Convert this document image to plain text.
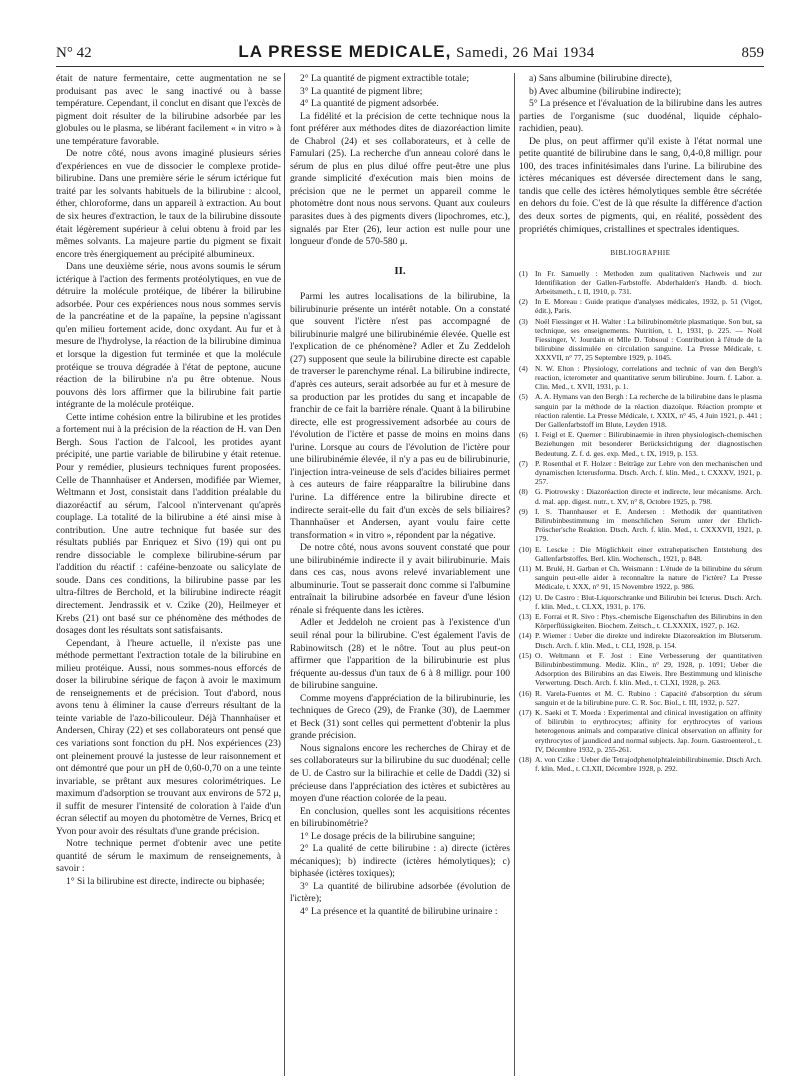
N° 42	LA PRESSE MEDICALE, Samedi, 26 Mai 1934	859

était de nature fermentaire, cette augmentation ne se produisant pas avec le sang inactivé ou à basse température. Cependant, il conclut en disant que l'excès de pigment doit résulter de la bilirubine adsorbée par les globules ou le plasma, se libérant facilement « in vitro » à une température favorable.

De notre côté, nous avons imaginé plusieurs séries d'expériences en vue de dissocier le complexe protide-bilirubine. Dans une première série le sérum ictérique fut traité par les solvants habituels de la bilirubine : alcool, éther, chloroforme, dans un appareil à extraction. Au bout de six heures d'extraction, le taux de la bilirubine dissoute était légèrement supérieur à celui obtenu à froid par les mêmes solvants. La majeure partie du pigment se fixait encore très énergiquement au précipité albumineux.

Dans une deuxième série, nous avons soumis le sérum ictérique à l'action des ferments protéolytiques, en vue de détruire la molécule protéique, de libérer la bilirubine adsorbée. Pour ces expériences nous nous sommes servis de la pancréatine et de la papaïne, la pepsine n'agissant qu'en milieu fortement acide, donc oxydant. Au fur et à mesure de l'hydrolyse, la réaction de la bilirubine diminua et lorsque la digestion fut terminée et que la molécule protéique se trouva dégradée à l'état de peptone, aucune réaction de la bilirubine n'a pu être obtenue. Nous pouvons dès lors affirmer que la bilirubine fait partie intégrante de la molécule protéique.

Cette intime cohésion entre la bilirubine et les protides a fortement nui à la précision de la réaction de H. van Den Bergh. Sous l'action de l'alcool, les protides ayant précipité, une partie variable de bilirubine y était retenue. Pour y remédier, plusieurs techniques furent proposées. Celle de Thannhaüser et Andersen, modifiée par Wiemer, Weltmann et Jost, consistait dans l'addition préalable du diazoréactif au sérum, l'alcool n'intervenant qu'après couplage. La totalité de la bilirubine a été ainsi mise à contribution. Une autre technique fut basée sur des résultats publiés par Enriquez et Sivo (19) qui ont pu rendre dissociable le complexe bilirubine-sérum par l'addition du réactif : caféine-benzoate ou salicylate de soude. Dans ces conditions, la bilirubine passe par les ultra-filtres de Berchold, et la bilirubine indirecte réagit directement. Jendrassik et v. Czike (20), Heilmeyer et Krebs (21) ont basé sur ce phénomène des méthodes de dosages dont les résultats sont satisfaisants.

Cependant, à l'heure actuelle, il n'existe pas une méthode permettant l'extraction totale de la bilirubine en milieu protéique. Aussi, nous sommes-nous efforcés de doser la bilirubine sérique de façon à avoir le maximum de renseignements et de précision. Tout d'abord, nous avons tenu à éliminer la cause d'erreurs résultant de la teinte variable de l'azo-bilicouleur. Déjà Thannhaüser et Andersen, Chiray (22) et ses collaborateurs ont pensé que ces variations sont fonction du pH. Nos expériences (23) ont pleinement prouvé la justesse de leur raisonnement et ont démontré que pour un pH de 0,60-0,70 on a une teinte invariable, se prêtant aux mesures colorimétriques. Le maximum d'adsorption se trouvant aux environs de 572 μ, il suffit de mesurer l'intensité de coloration à l'aide d'un écran sélectif au moyen du photomètre de Vernes, Bricq et Yvon pour avoir des résultats d'une grande précision.

Notre technique permet d'obtenir avec une petite quantité de sérum le maximum de renseignements, à savoir :

1° Si la bilirubine est directe, indirecte ou biphasée;

2° La quantité de pigment extractible totale;

3° La quantité de pigment libre;

4° La quantité de pigment adsorbée.

La fidélité et la précision de cette technique nous la font préférer aux méthodes dites de diazoréaction limite de Chabrol (24) et ses collaborateurs, et à celle de Famulari (25). La recherche d'un anneau coloré dans le sérum de plus en plus dilué offre peut-être une plus grande simplicité d'exécution mais bien moins de précision que ne le permet un appareil comme le photomètre dont nous nous servons. Quant aux couleurs parasites dues à des pigments divers (lipochromes, etc.), signalés par Eter (26), leur action est nulle pour une longueur d'onde de 570-580 μ.

II.

Parmi les autres localisations de la bilirubine, la bilirubinurie présente un intérêt notable. On a constaté que souvent l'ictère n'est pas accompagné de bilirubinurie malgré une bilirubinémie élevée. Quelle est l'explication de ce phénomène? Adler et Zu Zeddeloh (27) supposent que seule la bilirubine directe est capable de traverser le parenchyme rénal. La bilirubine indirecte, d'après ces auteurs, serait adsorbée au fur et à mesure de sa production par les protides du sang et incapable de franchir de ce fait la barrière rénale. Quant à la bilirubine directe, elle est progressivement adsorbée au cours de l'évolution de l'ictère et passe de moins en moins dans l'urine. Lorsque au cours de l'évolution de l'ictère pour une bilirubinémie élevée, il n'y a pas eu de bilirubinurie, l'injection intra-veineuse de sels d'acides biliaires permet à ces auteurs de faire réapparaître la bilirubine dans l'urine. La différence entre la bilirubine directe et indirecte serait-elle du fait d'un excès de sels biliaires? Thannhaüser et Andersen, ayant voulu faire cette transformation « in vitro », répondent par la négative.

De notre côté, nous avons souvent constaté que pour une bilirubinémie indirecte il y avait bilirubinurie. Mais dans ces cas, nous avons relevé invariablement une albuminurie. Tout se passerait donc comme si l'albumine entraînait la bilirubine adsorbée en faveur d'une lésion rénale si fréquente dans les ictères.

Adler et Jeddeloh ne croient pas à l'existence d'un seuil rénal pour la bilirubine. C'est également l'avis de Rabinowitsch (28) et le nôtre. Tout au plus peut-on affirmer que l'apparition de la bilirubinurie est plus fréquente au-dessus d'un taux de 6 à 8 milligr. pour 100 de bilirubine sanguine.

Comme moyens d'appréciation de la bilirubinurie, les techniques de Greco (29), de Franke (30), de Laemmer et Beck (31) sont celles qui permettent d'obtenir la plus grande précision.

Nous signalons encore les recherches de Chiray et de ses collaborateurs sur la bilirubine du suc duodénal; celle de U. de Castro sur la bilirachie et celle de Daddi (32) si précieuse dans l'appréciation des ictères et subictères au moyen d'une réaction colorée de la peau.

En conclusion, quelles sont les acquisitions récentes en bilirubinométrie?

1° Le dosage précis de la bilirubine sanguine;

2° La qualité de cette bilirubine : a) directe (ictères mécaniques); b) indirecte (ictères hémolytiques); c) biphasée (ictères toxiques);

3° La quantité de bilirubine adsorbée (évolution de l'ictère);

4° La présence et la quantité de bilirubine urinaire :

a) Sans albumine (bilirubine directe),

b) Avec albumine (bilirubine indirecte);

5° La présence et l'évaluation de la bilirubine dans les autres parties de l'organisme (suc duodénal, liquide céphalo-rachidien, peau).

De plus, on peut affirmer qu'il existe à l'état normal une petite quantité de bilirubine dans le sang, 0,4-0,8 milligr. pour 100, des traces infinitésimales dans l'urine. La bilirubine des ictères mécaniques est déversée directement dans le sang, tandis que celle des ictères hémolytiques semble être sécrétée en dehors du foie. C'est de là que résulte la différence d'action des deux sortes de pigments, qui, en réalité, possèdent des propriétés chimiques, cristallines et spectrales identiques.

BIBLIOGRAPHIE
(1) In Fr. Samuelly : Methoden zum qualitativen Nachweis und zur Identifikation der Gallen-Farbstoffe. Abderhalden's Handb. d. bioch. Arbeitsmeth., t. II, 1910, p. 731.
(2) In E. Moreau : Guide pratique d'analyses médicales, 1932, p. 51 (Vigot, édit.), Paris.
(3) Noël Fiessinger et H. Walter : La bilirubinométrie plasmatique. Son but, sa technique, ses enseignements. Nutrition, t. 1, 1931, p. 225. — Noël Fiessinger, V. Jourdain et Mlle D. Tobsoul : Contribution à l'étude de la bilirubine dissimulée en circulation sanguine. La Presse Médicale, t. XXXVII, n° 77, 25 Septembre 1929, p. 1045.
(4) N. W. Elton : Physiology, correlations and technic of van den Bergh's reaction, icterometer and quantitative serum bilirubine. Journ. f. Labor. a. Clin. Med., t. XVII, 1931, p. 1.
(5) A. A. Hymans van den Bergh : La recherche de la bilirubine dans le plasma sanguin par la méthode de la réaction diazoïque. Réaction prompte et réaction ralentie. La Presse Médicale, t. XXIX, n° 45, 4 Juin 1921, p. 441 ; Der Gallenfarbstoff im Blute, Leyden 1918.
(6) I. Feigl et E. Querner : Bilirubinaemie in ihren physiologisch-chemischen Beziehungen mit besonderer Berücksichtigung der diagnostischen Bedeutung. Z. f. d. ges. exp. Med., t. IX, 1919, p. 153.
(7) P. Rosenthal et F. Holzer : Beiträge zur Lehre von den mechanischen und dynamischen Icterusforma. Dtsch. Arch. f. klin. Med., t. CXXXV, 1921, p. 257.
(8) G. Piotrowsky : Diazoréaction directe et indirecte, leur mécanisme. Arch. d. mal. app. digest. nutr., t. XV, n° 8, Octobre 1925, p. 798.
(9) I. S. Thannhauser et E. Andersen : Methodik der quantitativen Bilirubinbestimmung im menschlichen Serum unter der Ehrlich-Pröscher'sche Reaktion. Dtsch. Arch. f. klin. Med., t. CXXXVII, 1921, p. 179.
(10) E. Lescke : Die Möglichkeit einer extrahepatischen Entstehung des Gallenfarbstoffes. Berl. klin. Wochensch., 1921, p. 848.
(11) M. Brulé, H. Garban et Ch. Weismann : L'étude de la bilirubine du sérum sanguin peut-elle aider à reconnaître la nature de l'ictère? La Presse Médicale, t. XXX, n° 91, 15 Novembre 1922, p. 986.
(12) U. De Castro : Blut-Liquorschranke und Bilirubin bei Icterus. Dtsch. Arch. f. klin. Med., t. CLXX, 1931, p. 176.
(13) E. Forrai et R. Sivo : Phys.-chemische Eigenschaften des Bilirubins in den Körperflüssigkeiten. Biochem. Zeitsch., t. CLXXXIX, 1927, p. 162.
(14) P. Wiemer : Ueber die direkte und indirekte Diazoreaktion im Blutserum. Dtsch. Arch. f. klin. Med., t. CLI, 1928, p. 154.
(15) O. Weltmann et F. Jost : Eine Verbesserung der quantitativen Bilirubinbestimmung. Mediz. Klin., n° 29, 1928, p. 1091; Ueber die Adsorption des Bilirubins an das Eiweis. Ihre Bestimmung und klinische Verwertung. Dtsch. Arch. f. klin. Med., t. CLXI, 1928, p. 263.
(16) R. Varela-Fuentes et M. C. Rubino : Capacité d'absorption du sérum sanguin et de la bilirubine pure. C. R. Soc. Biol., t. III, 1932, p. 527.
(17) K. Saeki et T. Moeda : Experimental and clinical investigation on affinity of bilirubin to erythrocytes; affinity for erythrocytes of various heterogenous animals and comparative clinical observation on affinity for erythrocytes of jaundiced and normal subjects. Jap. Journ. Gastroenterol., t. IV, Décembre 1932, p. 255-261.
(18) A. von Czike : Ueber die Tetrajodphenolphtaleinbilirubinemie. Dtsch Arch. f. klin. Med., t. CLXII, Décembre 1928, p. 292.
